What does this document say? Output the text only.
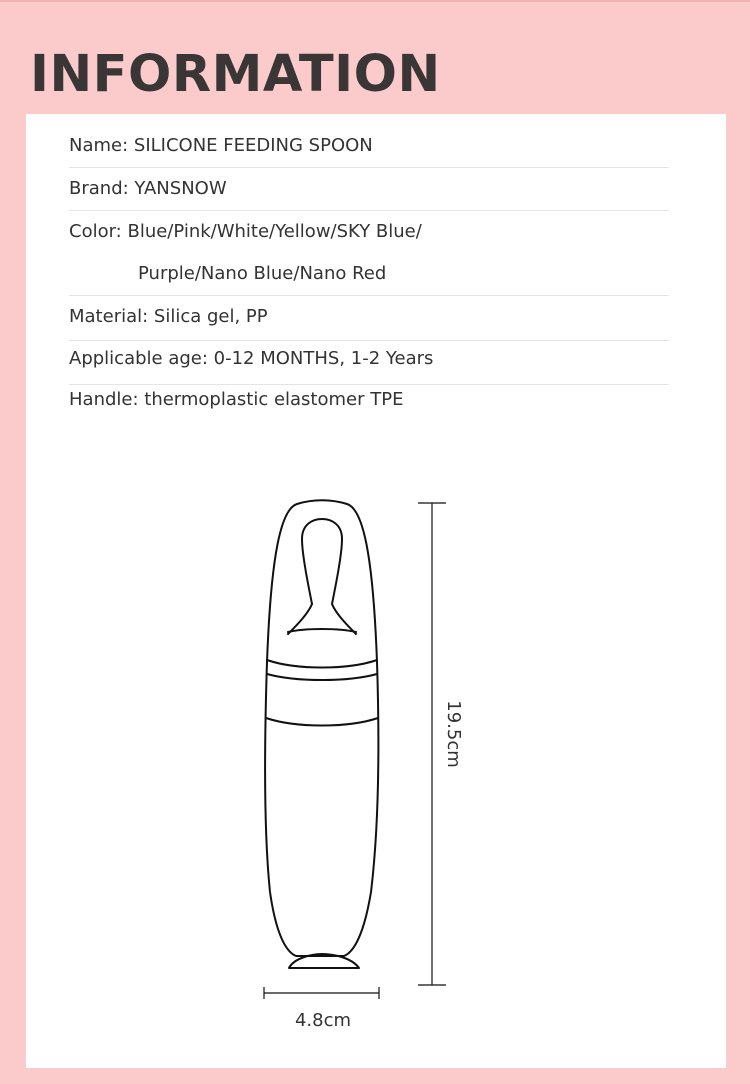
INFORMATION
Name: SILICONE FEEDING SPOON
Brand: YANSNOW
Color: Blue/Pink/White/Yellow/SKY Blue/
Purple/Nano Blue/Nano Red
Material: Silica gel, PP
Applicable age: 0-12 MONTHS, 1-2 Years
Handle: thermoplastic elastomer TPE
19.5cm
4.8cm
